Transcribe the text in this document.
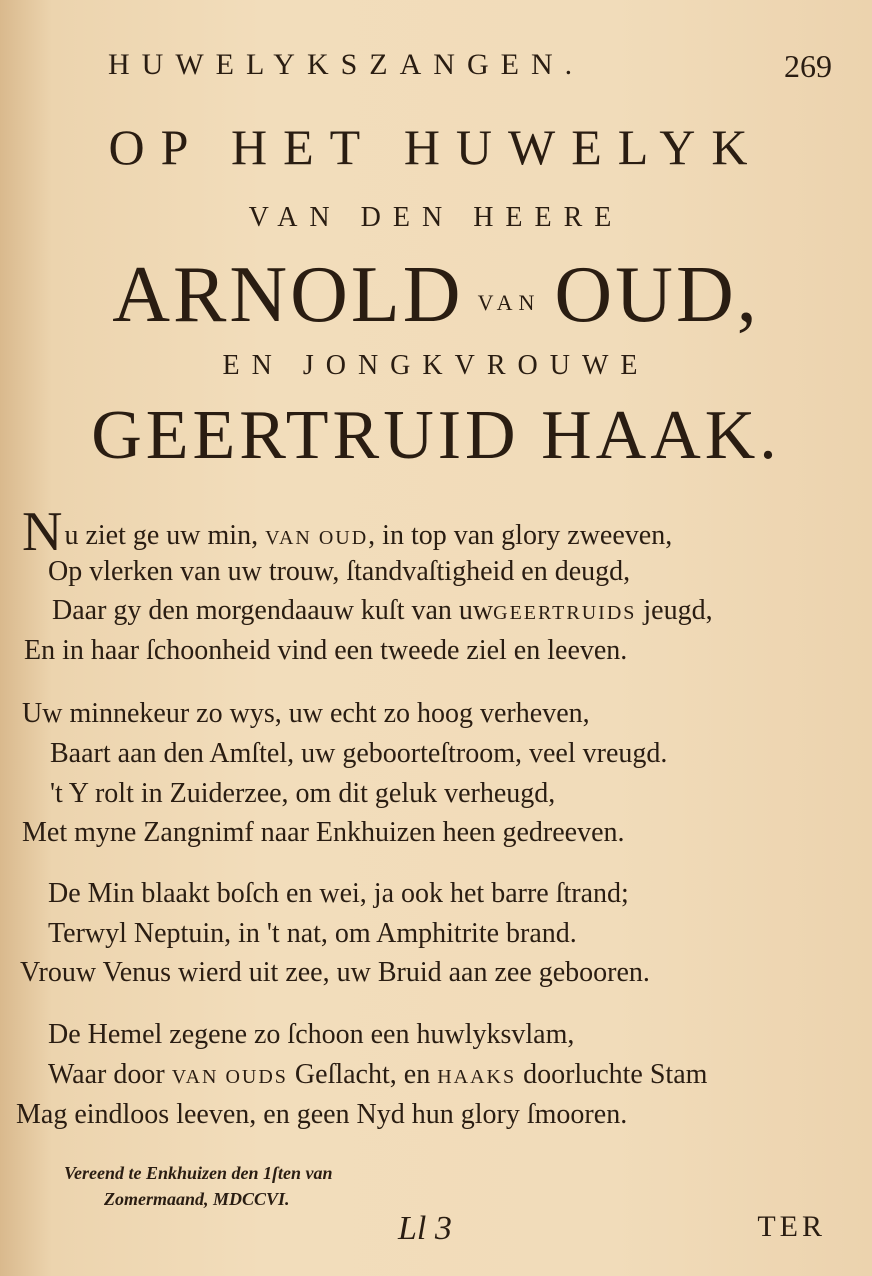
HUWELYKSZANGEN.	269
OP HET HUWELYK
VAN DEN HEERE
ARNOLD VAN OUD,
EN JONGKVROUWE
GEERTRUID HAAK.
Nu ziet ge uw min, VAN OUD, in top van glory zweeven,
Op vlerken van uw trouw, ſtandvaſtigheid en deugd,
Daar gy den morgendaauw kuſt van uwGEERTRUIDS jeugd,
En in haar ſchoonheid vind een tweede ziel en leeven.
Uw minnekeur zo wys, uw echt zo hoog verheven,
Baart aan den Amſtel, uw geboorteſtroom, veel vreugd.
't Y rolt in Zuiderzee, om dit geluk verheugd,
Met myne Zangnimf naar Enkhuizen heen gedreeven.
De Min blaakt boſch en wei, ja ook het barre ſtrand;
Terwyl Neptuin, in 't nat, om Amphitrite brand.
Vrouw Venus wierd uit zee, uw Bruid aan zee gebooren.
De Hemel zegene zo ſchoon een huwlyksvlam,
Waar door VAN OUDS Geſlacht, en HAAKS doorluchte Stam
Mag eindloos leeven, en geen Nyd hun glory ſmooren.
Vereend te Enkhuizen den 1ſten van
Zomermaand, MDCCVI.
Ll 3	TER
